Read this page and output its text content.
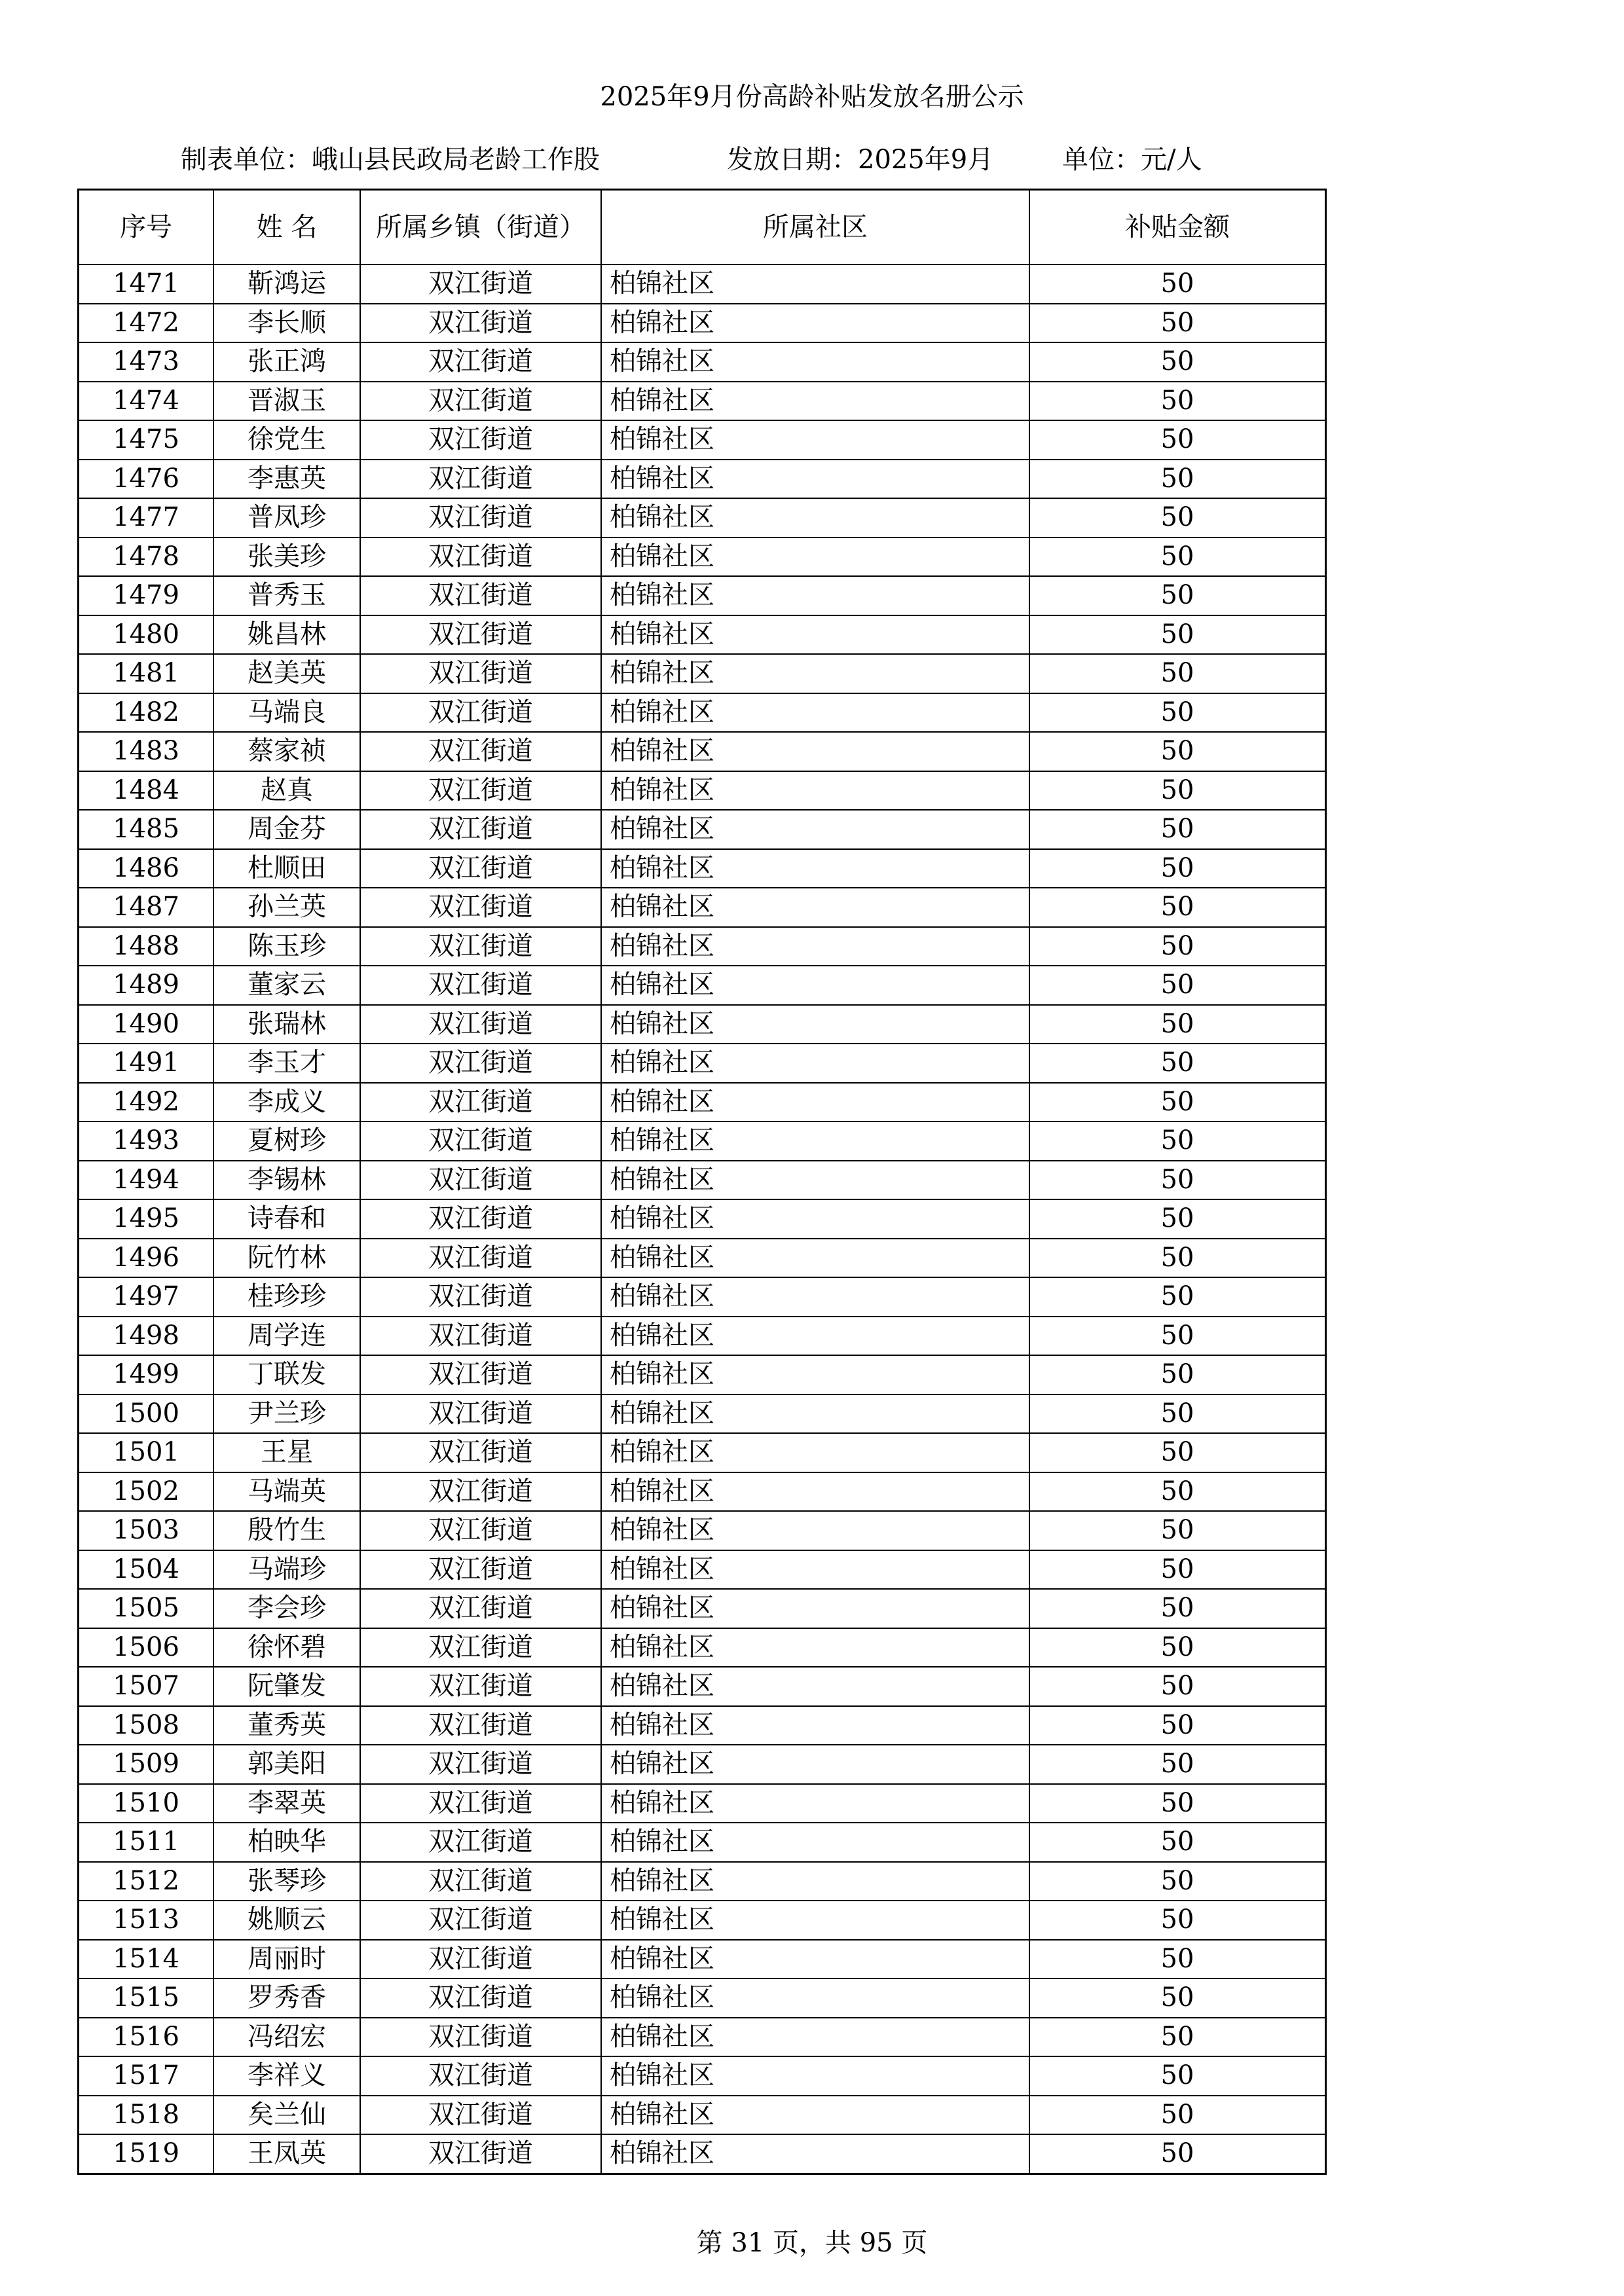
2025年9月份高龄补贴发放名册公示
制表单位：峨山县民政局老龄工作股	发放日期：2025年9月	单位：元/人
序号	姓 名	所属乡镇（街道）	所属社区	补贴金额
1471	靳鸿运	双江街道	柏锦社区	50
1472	李长顺	双江街道	柏锦社区	50
1473	张正鸿	双江街道	柏锦社区	50
1474	晋淑玉	双江街道	柏锦社区	50
1475	徐党生	双江街道	柏锦社区	50
1476	李惠英	双江街道	柏锦社区	50
1477	普凤珍	双江街道	柏锦社区	50
1478	张美珍	双江街道	柏锦社区	50
1479	普秀玉	双江街道	柏锦社区	50
1480	姚昌林	双江街道	柏锦社区	50
1481	赵美英	双江街道	柏锦社区	50
1482	马端良	双江街道	柏锦社区	50
1483	蔡家祯	双江街道	柏锦社区	50
1484	赵真	双江街道	柏锦社区	50
1485	周金芬	双江街道	柏锦社区	50
1486	杜顺田	双江街道	柏锦社区	50
1487	孙兰英	双江街道	柏锦社区	50
1488	陈玉珍	双江街道	柏锦社区	50
1489	董家云	双江街道	柏锦社区	50
1490	张瑞林	双江街道	柏锦社区	50
1491	李玉才	双江街道	柏锦社区	50
1492	李成义	双江街道	柏锦社区	50
1493	夏树珍	双江街道	柏锦社区	50
1494	李锡林	双江街道	柏锦社区	50
1495	诗春和	双江街道	柏锦社区	50
1496	阮竹林	双江街道	柏锦社区	50
1497	桂珍珍	双江街道	柏锦社区	50
1498	周学连	双江街道	柏锦社区	50
1499	丁联发	双江街道	柏锦社区	50
1500	尹兰珍	双江街道	柏锦社区	50
1501	王星	双江街道	柏锦社区	50
1502	马端英	双江街道	柏锦社区	50
1503	殷竹生	双江街道	柏锦社区	50
1504	马端珍	双江街道	柏锦社区	50
1505	李会珍	双江街道	柏锦社区	50
1506	徐怀碧	双江街道	柏锦社区	50
1507	阮肇发	双江街道	柏锦社区	50
1508	董秀英	双江街道	柏锦社区	50
1509	郭美阳	双江街道	柏锦社区	50
1510	李翠英	双江街道	柏锦社区	50
1511	柏映华	双江街道	柏锦社区	50
1512	张琴珍	双江街道	柏锦社区	50
1513	姚顺云	双江街道	柏锦社区	50
1514	周丽时	双江街道	柏锦社区	50
1515	罗秀香	双江街道	柏锦社区	50
1516	冯绍宏	双江街道	柏锦社区	50
1517	李祥义	双江街道	柏锦社区	50
1518	矣兰仙	双江街道	柏锦社区	50
1519	王凤英	双江街道	柏锦社区	50
第 31 页，共 95 页
